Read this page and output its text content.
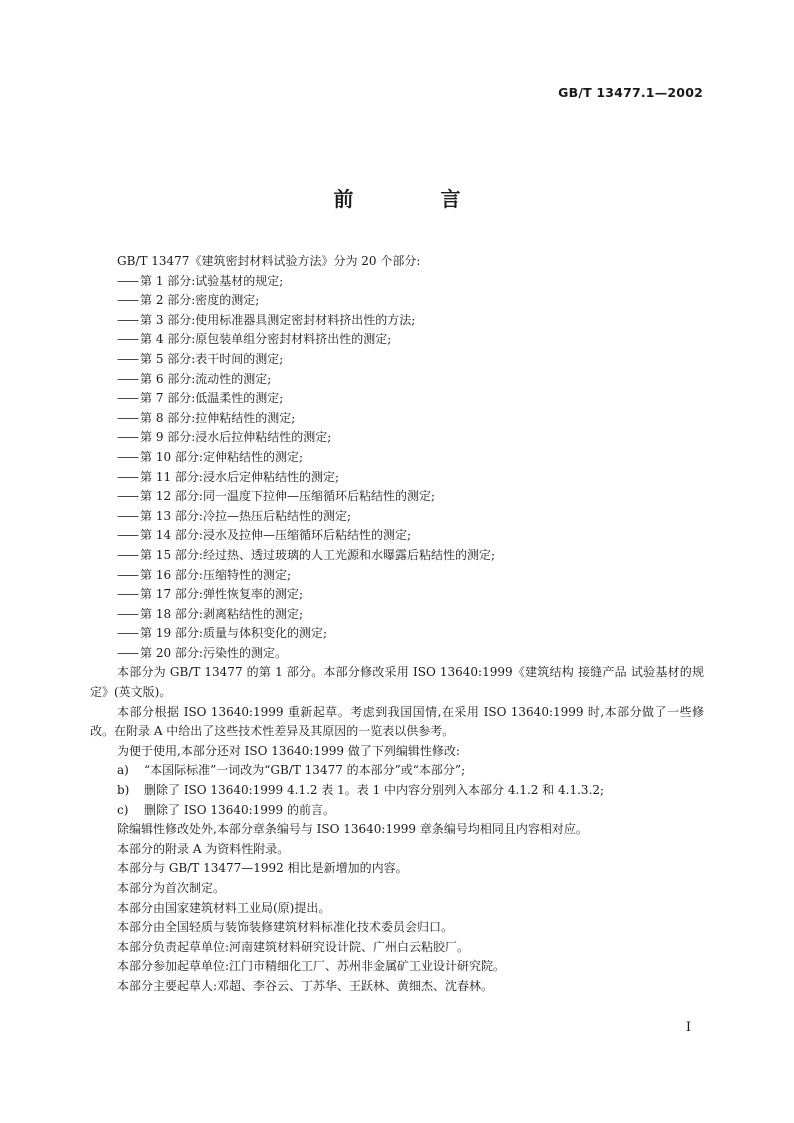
GB/T 13477.1—2002
前 言

GB/T 13477《建筑密封材料试验方法》分为 20 个部分:

—— 第 1 部分:试验基材的规定;

—— 第 2 部分:密度的测定;

—— 第 3 部分:使用标准器具测定密封材料挤出性的方法;

—— 第 4 部分:原包装单组分密封材料挤出性的测定;

—— 第 5 部分:表干时间的测定;

—— 第 6 部分:流动性的测定;

—— 第 7 部分:低温柔性的测定;

—— 第 8 部分:拉伸粘结性的测定;

—— 第 9 部分:浸水后拉伸粘结性的测定;

—— 第 10 部分:定伸粘结性的测定;

—— 第 11 部分:浸水后定伸粘结性的测定;

—— 第 12 部分:同一温度下拉伸—压缩循环后粘结性的测定;

—— 第 13 部分:冷拉—热压后粘结性的测定;

—— 第 14 部分:浸水及拉伸—压缩循环后粘结性的测定;

—— 第 15 部分:经过热、透过玻璃的人工光源和水曝露后粘结性的测定;

—— 第 16 部分:压缩特性的测定;

—— 第 17 部分:弹性恢复率的测定;

—— 第 18 部分:剥离粘结性的测定;

—— 第 19 部分:质量与体积变化的测定;

—— 第 20 部分:污染性的测定。

本部分为 GB/T 13477 的第 1 部分。本部分修改采用 ISO 13640:1999《建筑结构 接缝产品 试验基材的规定》(英文版)。

本部分根据 ISO 13640:1999 重新起草。考虑到我国国情,在采用 ISO 13640:1999 时,本部分做了一些修改。在附录 A 中给出了这些技术性差异及其原因的一览表以供参考。

为便于使用,本部分还对 ISO 13640:1999 做了下列编辑性修改:

a) “本国际标准”一词改为“GB/T 13477 的本部分”或“本部分”;

b) 删除了 ISO 13640:1999 4.1.2 表 1。表 1 中内容分别列入本部分 4.1.2 和 4.1.3.2;

c) 删除了 ISO 13640:1999 的前言。

除编辑性修改处外,本部分章条编号与 ISO 13640:1999 章条编号均相同且内容相对应。

本部分的附录 A 为资料性附录。

本部分与 GB/T 13477—1992 相比是新增加的内容。

本部分为首次制定。

本部分由国家建筑材料工业局(原)提出。

本部分由全国轻质与装饰装修建筑材料标准化技术委员会归口。

本部分负责起草单位:河南建筑材料研究设计院、广州白云粘胶厂。

本部分参加起草单位:江门市精细化工厂、苏州非金属矿工业设计研究院。

本部分主要起草人:邓超、李谷云、丁苏华、王跃林、黄细杰、沈春林。

I
